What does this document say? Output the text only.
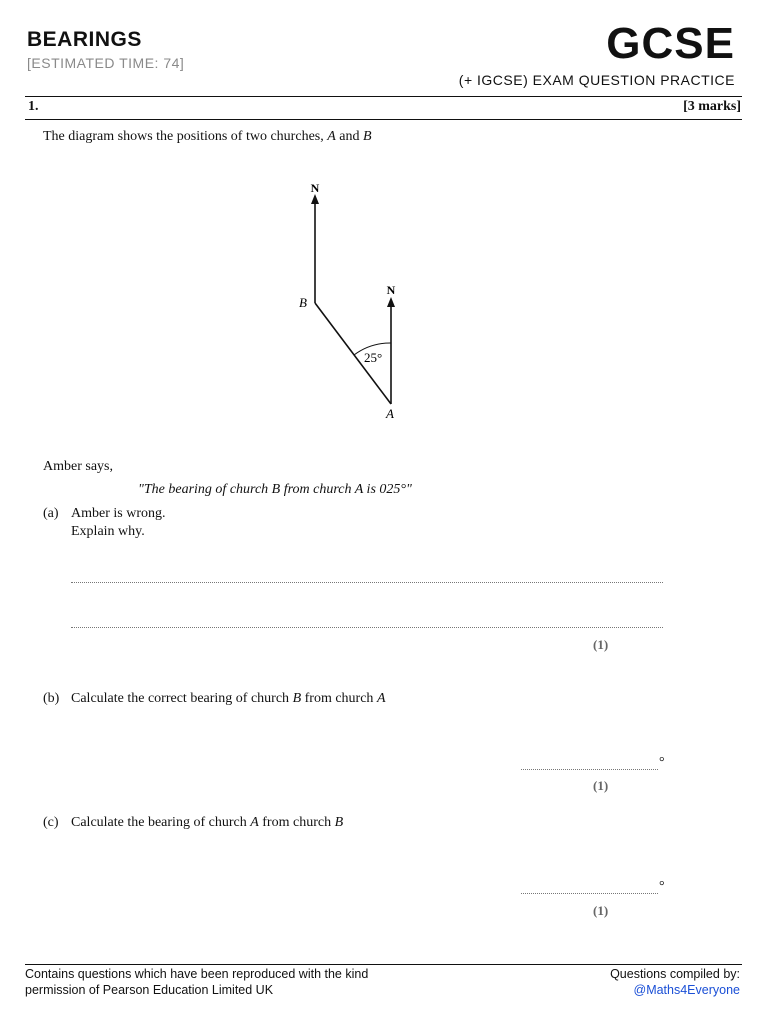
BEARINGS
[ESTIMATED TIME: 74]	GCSE
(+ IGCSE) EXAM QUESTION PRACTICE
1.	[3 marks]
The diagram shows the positions of two churches, A and B
N
N
B
A
25°
Amber says,
"The bearing of church B from church A is 025°"
(a) Amber is wrong.
Explain why.
(1)
(b) Calculate the correct bearing of church B from church A
°
(1)
(c) Calculate the bearing of church A from church B
°
(1)
Contains questions which have been reproduced with the kind
permission of Pearson Education Limited UK
Questions compiled by:
@Maths4Everyone
